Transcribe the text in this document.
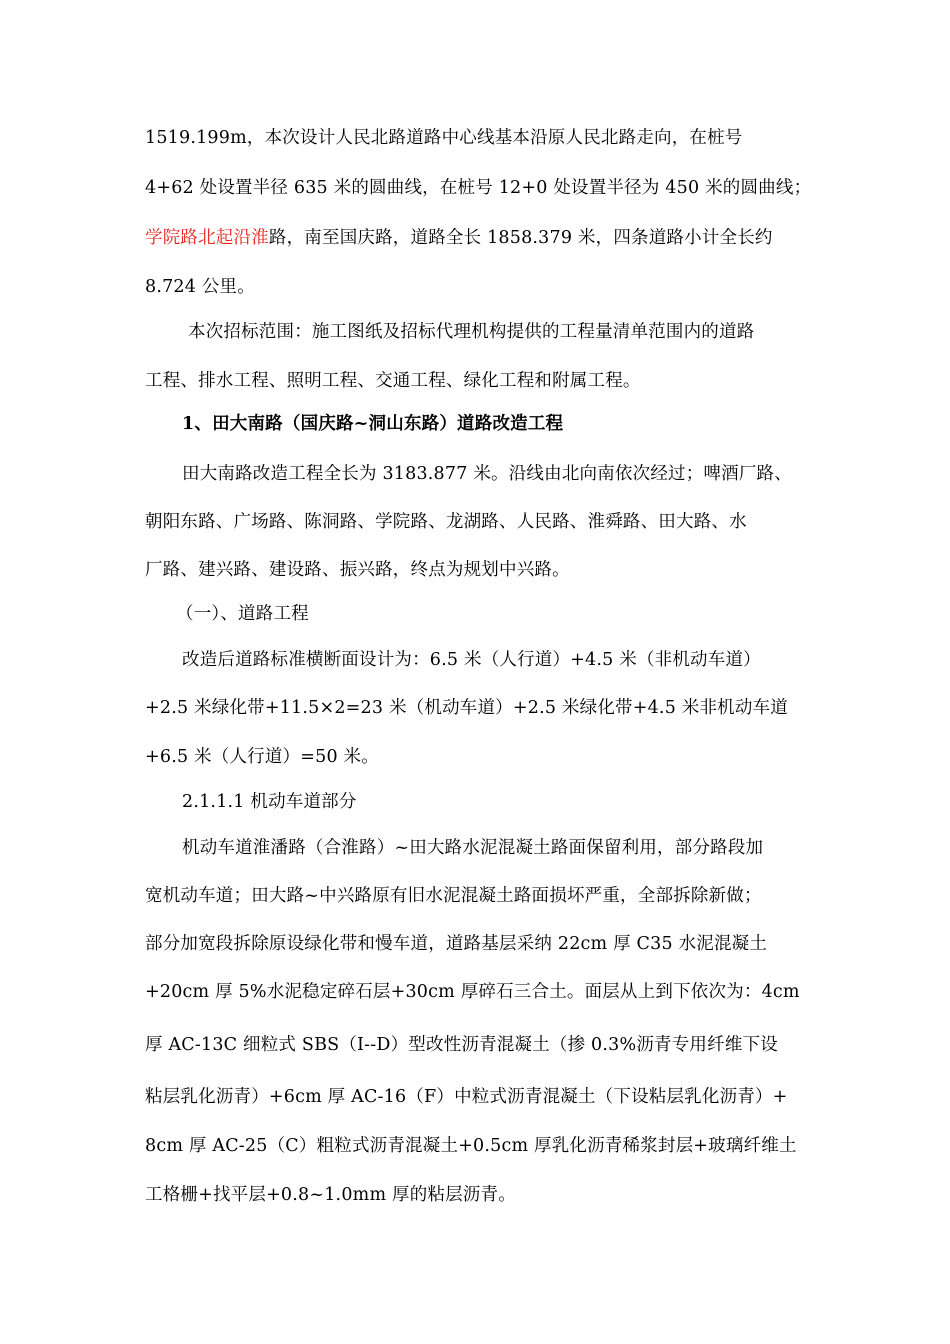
1519.199m，本次设计人民北路道路中心线基本沿原人民北路走向，在桩号
4+62 处设置半径 635 米的圆曲线，在桩号 12+0 处设置半径为 450 米的圆曲线；
学院路北起沿淮路，南至国庆路，道路全长 1858.379 米，四条道路小计全长约
8.724 公里。
本次招标范围：施工图纸及招标代理机构提供的工程量清单范围内的道路
工程、排水工程、照明工程、交通工程、绿化工程和附属工程。
1、田大南路（国庆路~洞山东路）道路改造工程
田大南路改造工程全长为 3183.877 米。沿线由北向南依次经过；啤酒厂路、
朝阳东路、广场路、陈洞路、学院路、龙湖路、人民路、淮舜路、田大路、水
厂路、建兴路、建设路、振兴路，终点为规划中兴路。
（一）、道路工程
改造后道路标准横断面设计为：6.5 米（人行道）+4.5 米（非机动车道）
+2.5 米绿化带+11.5×2=23 米（机动车道）+2.5 米绿化带+4.5 米非机动车道
+6.5 米（人行道）=50 米。
2.1.1.1 机动车道部分
机动车道淮潘路（合淮路）~田大路水泥混凝土路面保留利用，部分路段加
宽机动车道；田大路~中兴路原有旧水泥混凝土路面损坏严重，全部拆除新做；
部分加宽段拆除原设绿化带和慢车道，道路基层采纳 22cm 厚 C35 水泥混凝土
+20cm 厚 5%水泥稳定碎石层+30cm 厚碎石三合土。面层从上到下依次为：4cm
厚 AC-13C 细粒式 SBS（I--D）型改性沥青混凝土（掺 0.3%沥青专用纤维下设
粘层乳化沥青）+6cm 厚 AC-16（F）中粒式沥青混凝土（下设粘层乳化沥青）+
8cm 厚 AC-25（C）粗粒式沥青混凝土+0.5cm 厚乳化沥青稀浆封层+玻璃纤维土
工格栅+找平层+0.8~1.0mm 厚的粘层沥青。
